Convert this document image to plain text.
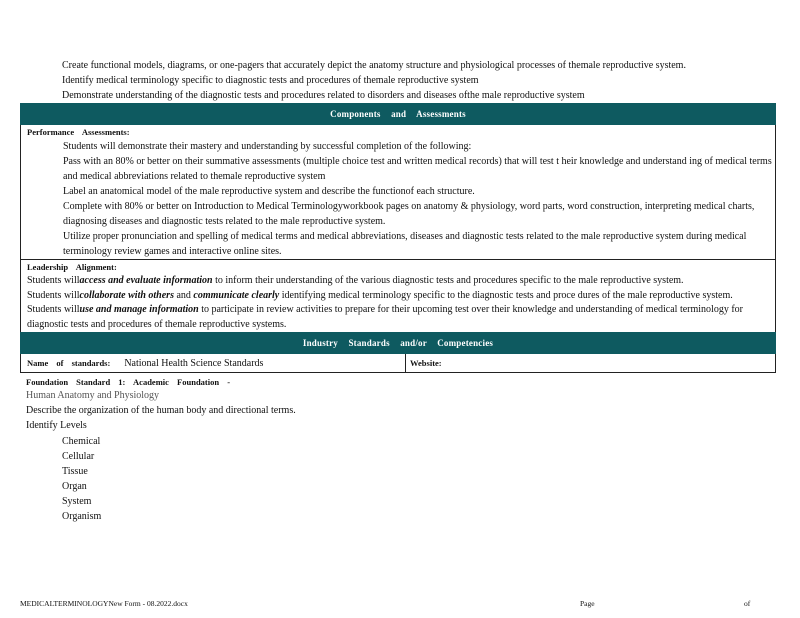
Create functional models, diagrams, or one-pagers that accurately depict the anatomy structure and physiological processes of themale reproductive system.
Identify medical terminology specific to diagnostic tests and procedures of themale reproductive system
Demonstrate understanding of the diagnostic tests and procedures related to disorders and diseases ofthe male reproductive system
Components and Assessments
Performance Assessments:
Students will demonstrate their mastery and understanding by successful completion of the following:
Pass with an 80% or better on their summative assessments (multiple choice test and written medical records) that will test t heir knowledge and understand ing of medical terms and medical abbreviations related to themale reproductive system
Label an anatomical model of the male reproductive system and describe the functionof each structure.
Complete with 80% or better on Introduction to Medical Terminologyworkbook pages on anatomy & physiology, word parts, word construction, interpreting medical charts, diagnosing diseases and diagnostic tests related to the male reproductive system.
Utilize proper pronunciation and spelling of medical terms and medical abbreviations, diseases and diagnostic tests related to the male reproductive system during medical terminology review games and interactive online sites.
Leadership Alignment:
Students willaccess and evaluate information to inform their understanding of the various diagnostic tests and procedures specific to the male reproductive system.
Students willcollaborate with others and communicate clearly identifying medical terminology specific to the diagnostic tests and proce dures of the male reproductive system.
Students willuse and manage information to participate in review activities to prepare for their upcoming test over their knowledge and understanding of medical terminology for diagnostic tests and procedures of themale reproductive systems.
Industry Standards and/or Competencies
Name of standards: National Health Science Standards	Website:
Foundation Standard 1: Academic Foundation -
Human Anatomy and Physiology
Describe the organization of the human body and directional terms.
Identify Levels
Chemical
Cellular
Tissue
Organ
System
Organism
MEDICALTERMINOLOGYNew Form - 08.2022.docx	Page	of
